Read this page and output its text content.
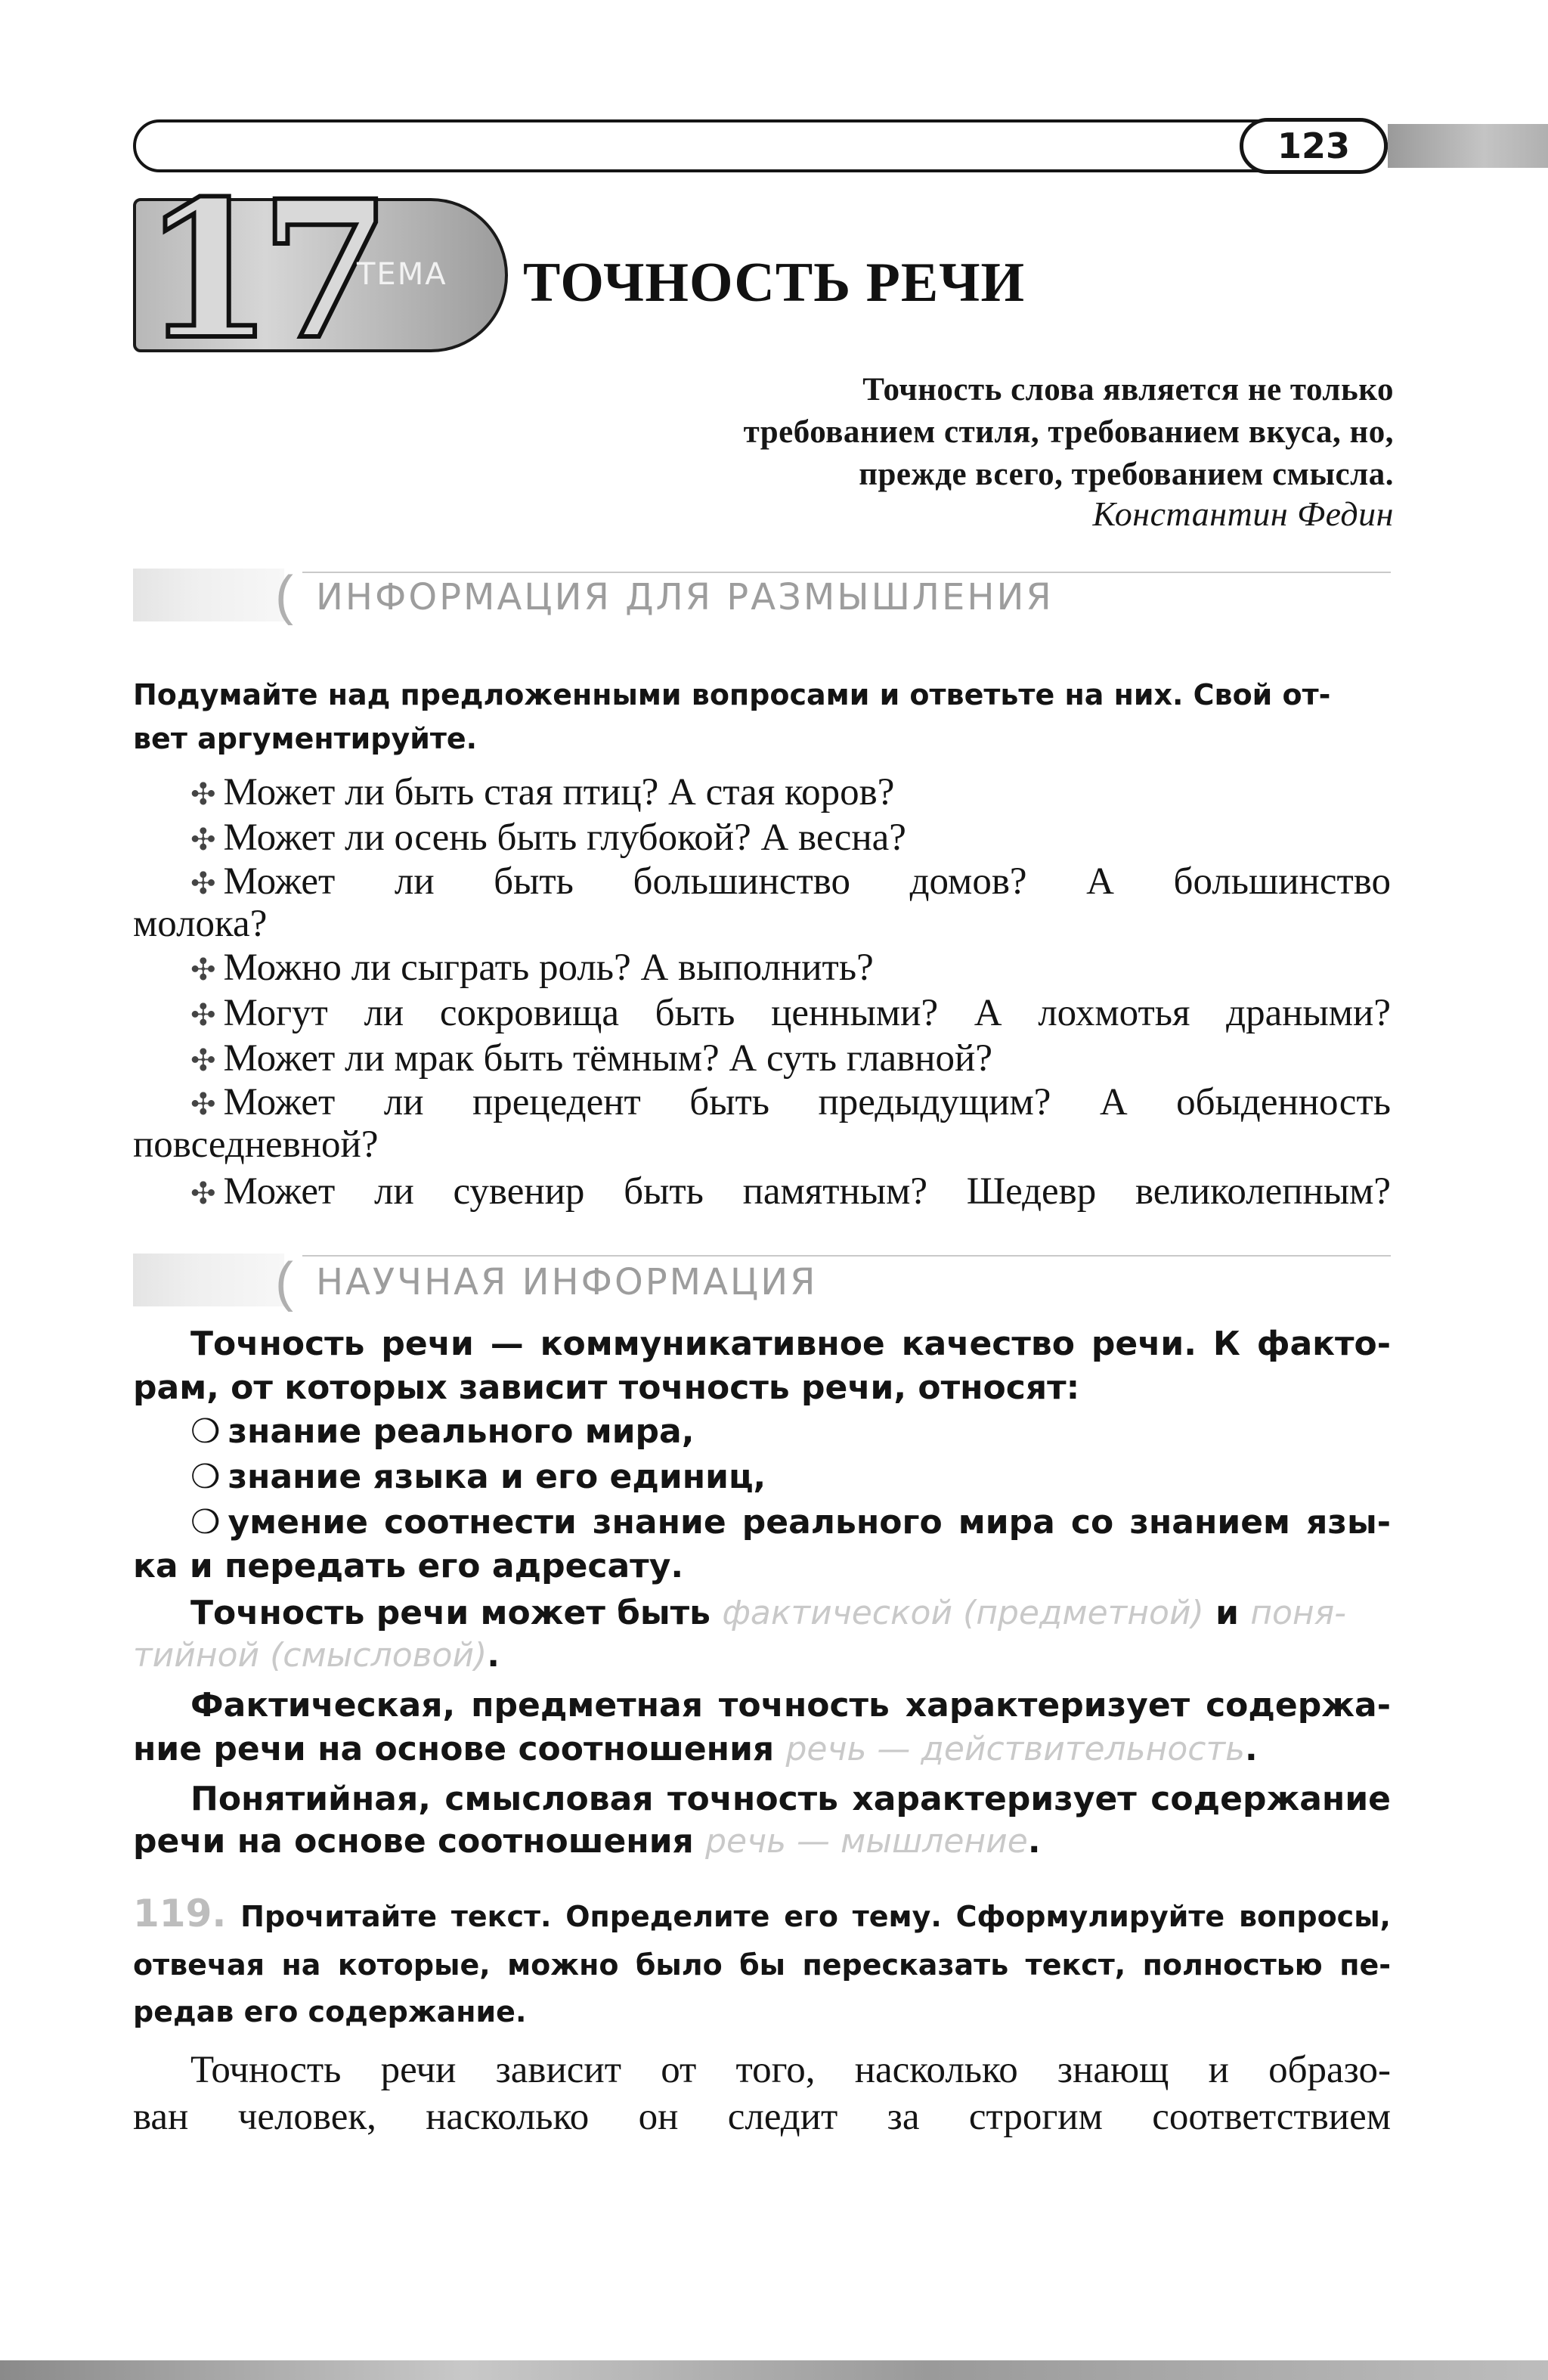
123
17
ТЕМА ТОЧНОСТЬ РЕЧИ
Точность слова является не только
требованием стиля, требованием вкуса, но,
прежде всего, требованием смысла.
Константин Федин
( ИНФОРМАЦИЯ ДЛЯ РАЗМЫШЛЕНИЯ
Подумайте над предложенными вопросами и ответьте на них. Свой от-
вет аргументируйте.
✣ Может ли быть стая птиц? А стая коров?
✣ Может ли осень быть глубокой? А весна?
✣ Может ли быть большинство домов? А большинство
молока?
✣ Можно ли сыграть роль? А выполнить?
✣ Могут ли сокровища быть ценными? А лохмотья драными?
✣ Может ли мрак быть тёмным? А суть главной?
✣ Может ли прецедент быть предыдущим? А обыденность
повседневной?
✣ Может ли сувенир быть памятным? Шедевр великолепным?
( НАУЧНАЯ ИНФОРМАЦИЯ
Точность речи — коммуникативное качество речи. К факто-
рам, от которых зависит точность речи, относят:
❍ знание реального мира,
❍ знание языка и его единиц,
❍ умение соотнести знание реального мира со знанием язы-
ка и передать его адресату.
Точность речи может быть фактической (предметной) и поня-
тийной (смысловой).
Фактическая, предметная точность характеризует содержа-
ние речи на основе соотношения речь — действительность.
Понятийная, смысловая точность характеризует содержание
речи на основе соотношения речь — мышление.
119. Прочитайте текст. Определите его тему. Сформулируйте вопросы,
отвечая на которые, можно было бы пересказать текст, полностью пе-
редав его содержание.
Точность речи зависит от того, насколько знающ и образо-
ван человек, насколько он следит за строгим соответствием
